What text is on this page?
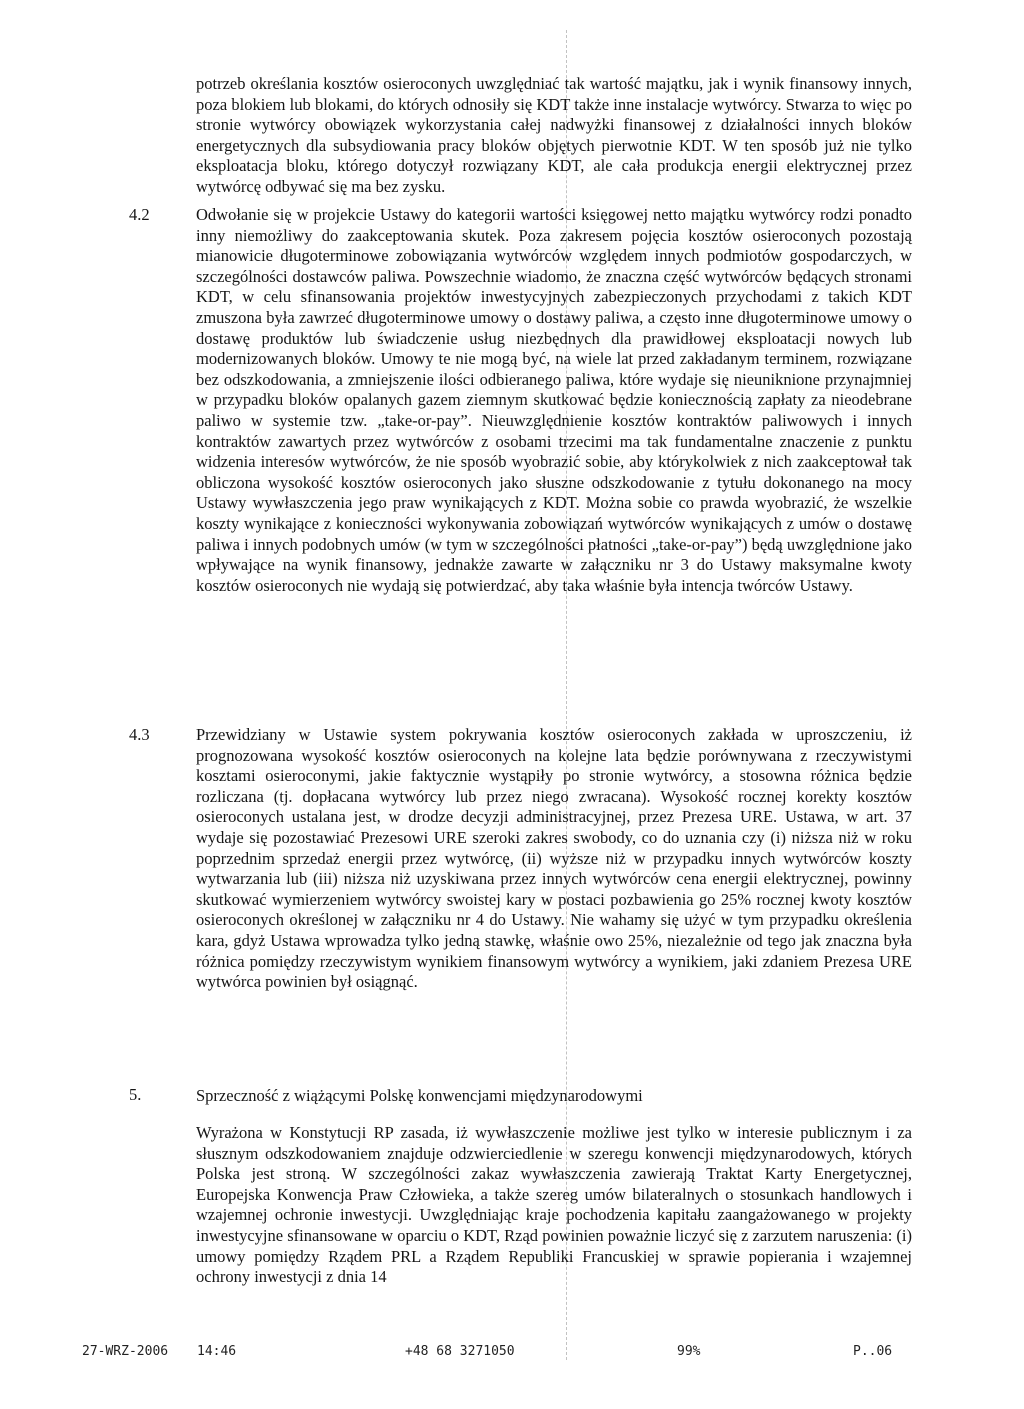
potrzeb określania kosztów osieroconych uwzględniać tak wartość majątku, jak i wynik finansowy innych, poza blokiem lub blokami, do których odnosiły się KDT także inne instalacje wytwórcy. Stwarza to więc po stronie wytwórcy obowiązek wykorzystania całej nadwyżki finansowej z działalności innych bloków energetycznych dla subsydiowania pracy bloków objętych pierwotnie KDT. W ten sposób już nie tylko eksploatacja bloku, którego dotyczył rozwiązany KDT, ale cała produkcja energii elektrycznej przez wytwórcę odbywać się ma bez zysku.

4.2	Odwołanie się w projekcie Ustawy do kategorii wartości księgowej netto majątku wytwórcy rodzi ponadto inny niemożliwy do zaakceptowania skutek. Poza zakresem pojęcia kosztów osieroconych pozostają mianowicie długoterminowe zobowiązania wytwórców względem innych podmiotów gospodarczych, w szczególności dostawców paliwa. Powszechnie wiadomo, że znaczna część wytwórców będących stronami KDT, w celu sfinansowania projektów inwestycyjnych zabezpieczonych przychodami z takich KDT zmuszona była zawrzeć długoterminowe umowy o dostawy paliwa, a często inne długoterminowe umowy o dostawę produktów lub świadczenie usług niezbędnych dla prawidłowej eksploatacji nowych lub modernizowanych bloków. Umowy te nie mogą być, na wiele lat przed zakładanym terminem, rozwiązane bez odszkodowania, a zmniejszenie ilości odbieranego paliwa, które wydaje się nieuniknione przynajmniej w przypadku bloków opalanych gazem ziemnym skutkować będzie koniecznością zapłaty za nieodebrane paliwo w systemie tzw. „take-or-pay”. Nieuwzględnienie kosztów kontraktów paliwowych i innych kontraktów zawartych przez wytwórców z osobami trzecimi ma tak fundamentalne znaczenie z punktu widzenia interesów wytwórców, że nie sposób wyobrazić sobie, aby którykolwiek z nich zaakceptował tak obliczona wysokość kosztów osieroconych jako słuszne odszkodowanie z tytułu dokonanego na mocy Ustawy wywłaszczenia jego praw wynikających z KDT. Można sobie co prawda wyobrazić, że wszelkie koszty wynikające z konieczności wykonywania zobowiązań wytwórców wynikających z umów o dostawę paliwa i innych podobnych umów (w tym w szczególności płatności „take-or-pay”) będą uwzględnione jako wpływające na wynik finansowy, jednakże zawarte w załączniku nr 3 do Ustawy maksymalne kwoty kosztów osieroconych nie wydają się potwierdzać, aby taka właśnie była intencja twórców Ustawy.

4.3	Przewidziany w Ustawie system pokrywania kosztów osieroconych zakłada w uproszczeniu, iż prognozowana wysokość kosztów osieroconych na kolejne lata będzie porównywana z rzeczywistymi kosztami osieroconymi, jakie faktycznie wystąpiły po stronie wytwórcy, a stosowna różnica będzie rozliczana (tj. dopłacana wytwórcy lub przez niego zwracana). Wysokość rocznej korekty kosztów osieroconych ustalana jest, w drodze decyzji administracyjnej, przez Prezesa URE. Ustawa, w art. 37 wydaje się pozostawiać Prezesowi URE szeroki zakres swobody, co do uznania czy (i) niższa niż w roku poprzednim sprzedaż energii przez wytwórcę, (ii) wyższe niż w przypadku innych wytwórców koszty wytwarzania lub (iii) niższa niż uzyskiwana przez innych wytwórców cena energii elektrycznej, powinny skutkować wymierzeniem wytwórcy swoistej kary w postaci pozbawienia go 25% rocznej kwoty kosztów osieroconych określonej w załączniku nr 4 do Ustawy. Nie wahamy się użyć w tym przypadku określenia kara, gdyż Ustawa wprowadza tylko jedną stawkę, właśnie owo 25%, niezależnie od tego jak znaczna była różnica pomiędzy rzeczywistym wynikiem finansowym wytwórcy a wynikiem, jaki zdaniem Prezesa URE wytwórca powinien był osiągnąć.

5.	Sprzeczność z wiążącymi Polskę konwencjami międzynarodowymi

Wyrażona w Konstytucji RP zasada, iż wywłaszczenie możliwe jest tylko w interesie publicznym i za słusznym odszkodowaniem znajduje odzwierciedlenie w szeregu konwencji międzynarodowych, których Polska jest stroną. W szczególności zakaz wywłaszczenia zawierają Traktat Karty Energetycznej, Europejska Konwencja Praw Człowieka, a także szereg umów bilateralnych o stosunkach handlowych i wzajemnej ochronie inwestycji. Uwzględniając kraje pochodzenia kapitału zaangażowanego w projekty inwestycyjne sfinansowane w oparciu o KDT, Rząd powinien poważnie liczyć się z zarzutem naruszenia: (i) umowy pomiędzy Rządem PRL a Rządem Republiki Francuskiej w sprawie popierania i wzajemnej ochrony inwestycji z dnia 14

27-WRZ-2006 14:46	+48 68 3271050	99%	P..06
